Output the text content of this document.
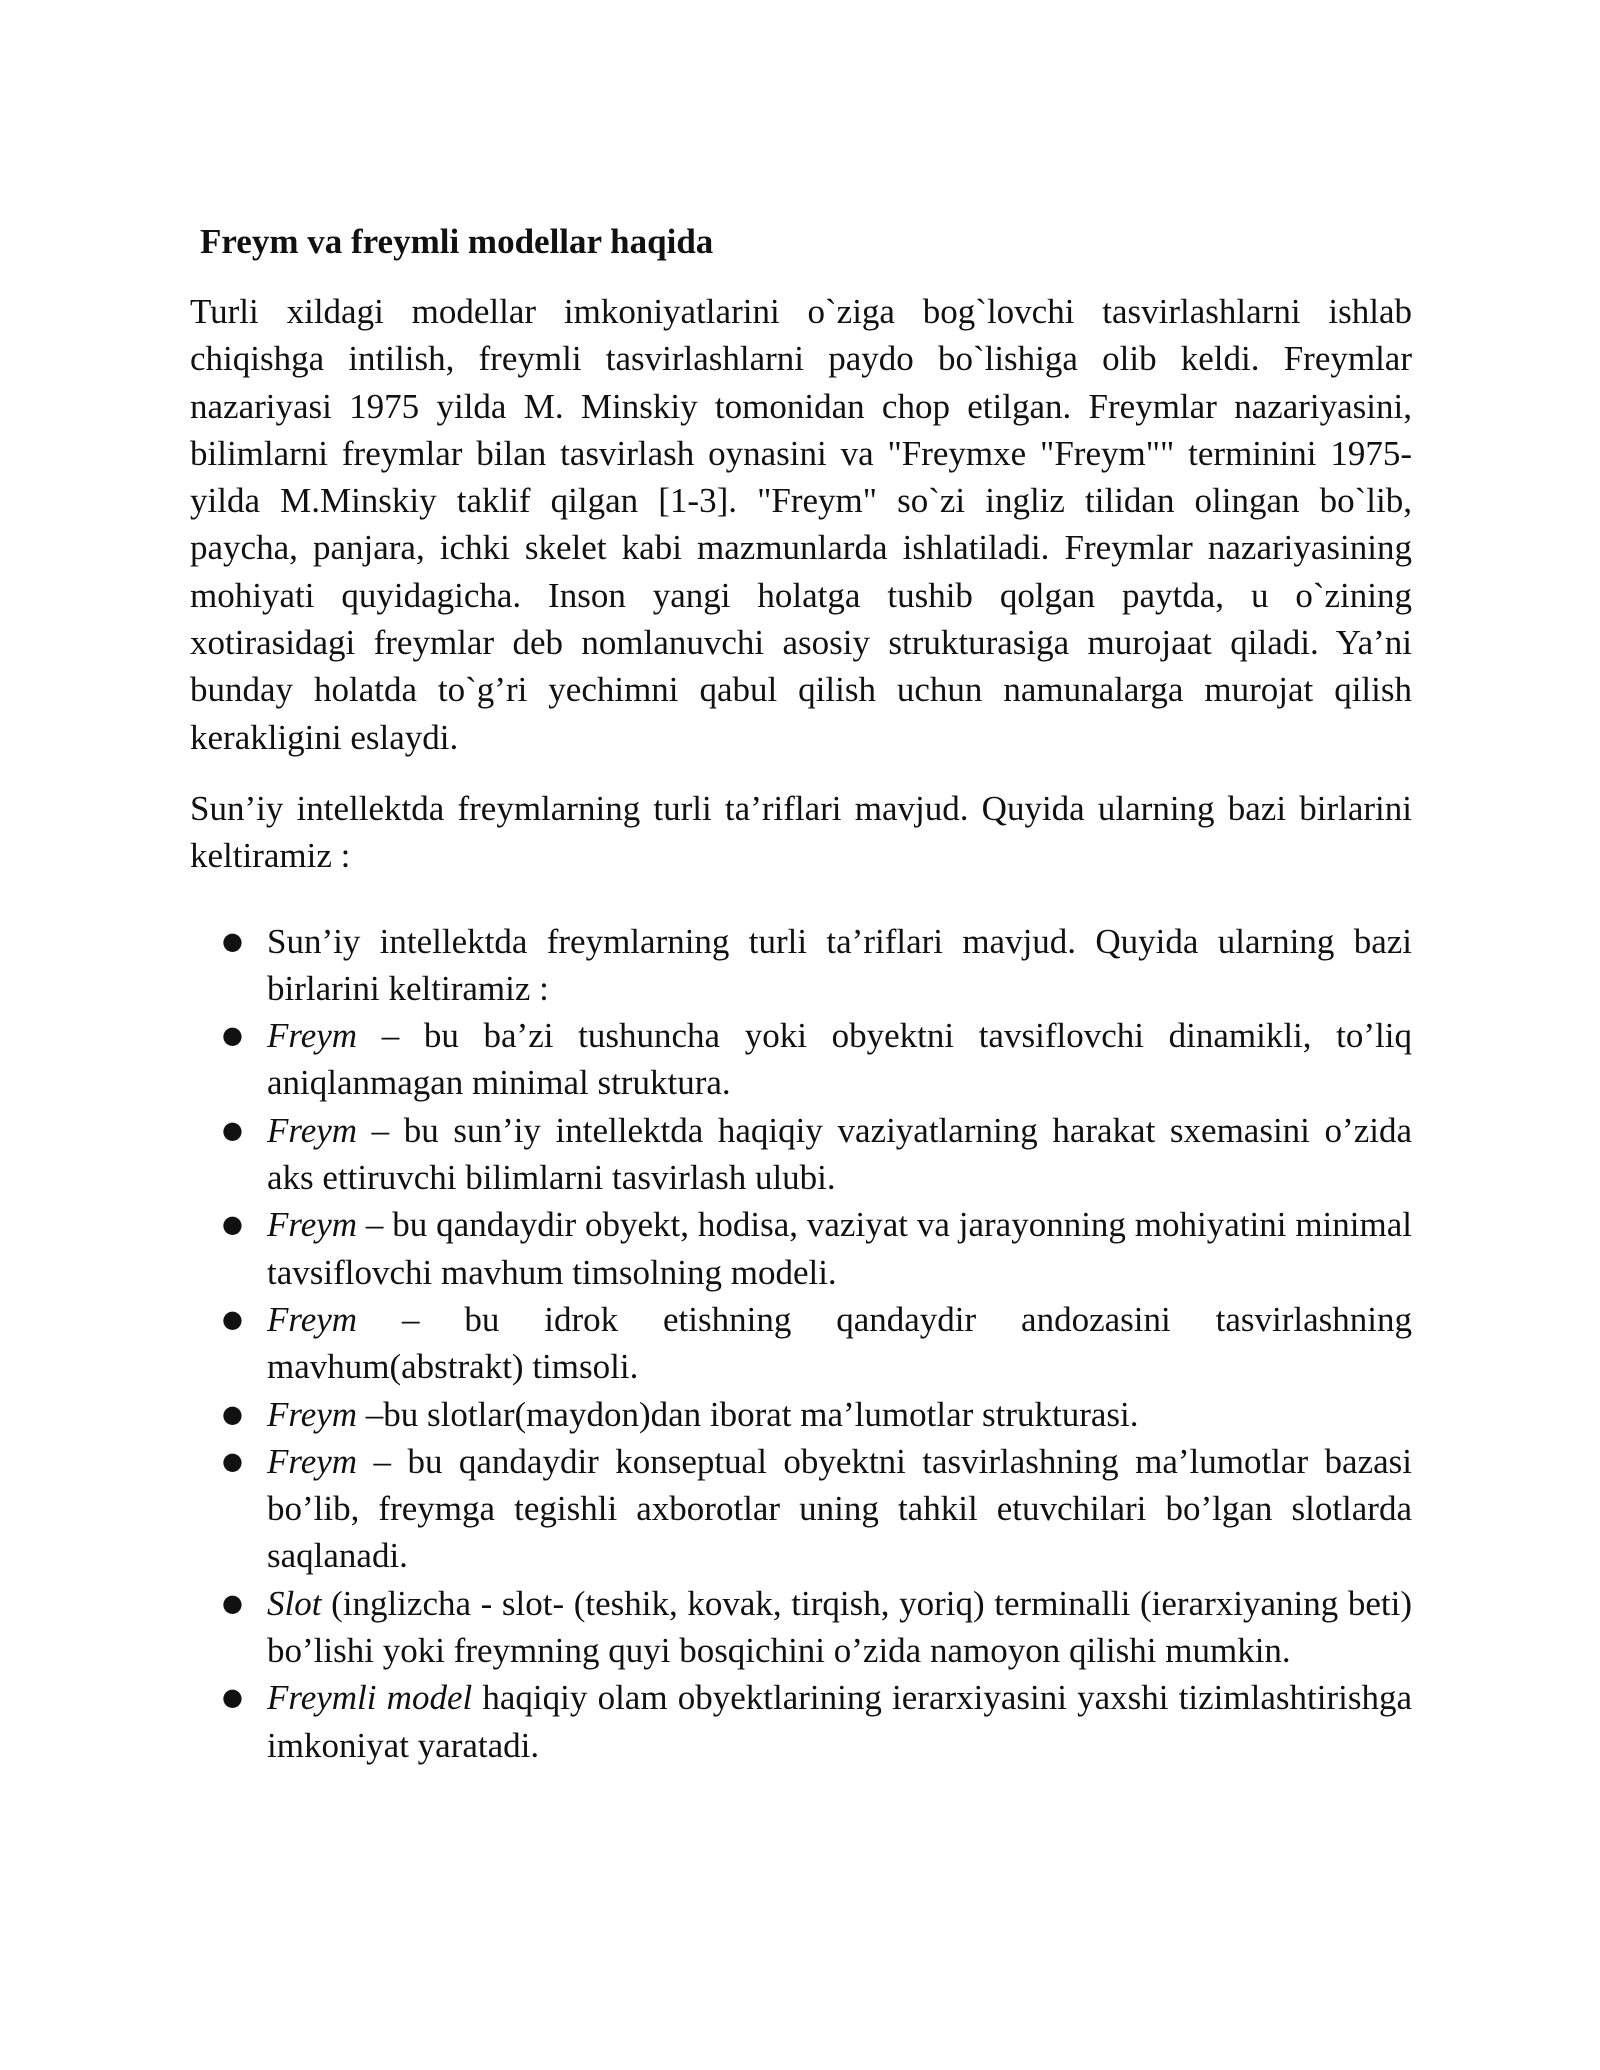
Freym va freymli modellar haqida

Turli xildagi modellar imkoniyatlarini o`ziga bog`lovchi tasvirlashlarni ishlab chiqishga intilish, freymli tasvirlashlarni paydo bo`lishiga olib keldi. Freymlar nazariyasi 1975 yilda M. Minskiy tomonidan chop etilgan. Freymlar nazariyasini, bilimlarni freymlar bilan tasvirlash oynasini va "Freymxe "Freym"" terminini 1975-yilda M.Minskiy taklif qilgan [1-3]. "Freym" so`zi ingliz tilidan olingan bo`lib, paycha, panjara, ichki skelet kabi mazmunlarda ishlatiladi. Freymlar nazariyasining mohiyati quyidagicha. Inson yangi holatga tushib qolgan paytda, u o`zining xotirasidagi freymlar deb nomlanuvchi asosiy strukturasiga murojaat qiladi. Ya’ni bunday holatda to`g’ri yechimni qabul qilish uchun namunalarga murojat qilish kerakligini eslaydi.

Sun’iy intellektda freymlarning turli ta’riflari mavjud. Quyida ularning bazi birlarini keltiramiz :

● Sun’iy intellektda freymlarning turli ta’riflari mavjud. Quyida ularning bazi birlarini keltiramiz :
● Freym – bu ba’zi tushuncha yoki obyektni tavsiflovchi dinamikli, to’liq aniqlanmagan minimal struktura.
● Freym – bu sun’iy intellektda haqiqiy vaziyatlarning harakat sxemasini o’zida aks ettiruvchi bilimlarni tasvirlash ulubi.
● Freym – bu qandaydir obyekt, hodisa, vaziyat va jarayonning mohiyatini minimal tavsiflovchi mavhum timsolning modeli.
● Freym – bu idrok etishning qandaydir andozasini tasvirlashning mavhum(abstrakt) timsoli.
● Freym –bu slotlar(maydon)dan iborat ma’lumotlar strukturasi.
● Freym – bu qandaydir konseptual obyektni tasvirlashning ma’lumotlar bazasi bo’lib, freymga tegishli axborotlar uning tahkil etuvchilari bo’lgan slotlarda saqlanadi.
● Slot (inglizcha - slot- (teshik, kovak, tirqish, yoriq) terminalli (ierarxiyaning beti) bo’lishi yoki freymning quyi bosqichini o’zida namoyon qilishi mumkin.
● Freymli model haqiqiy olam obyektlarining ierarxiyasini yaxshi tizimlashtirishga imkoniyat yaratadi.
